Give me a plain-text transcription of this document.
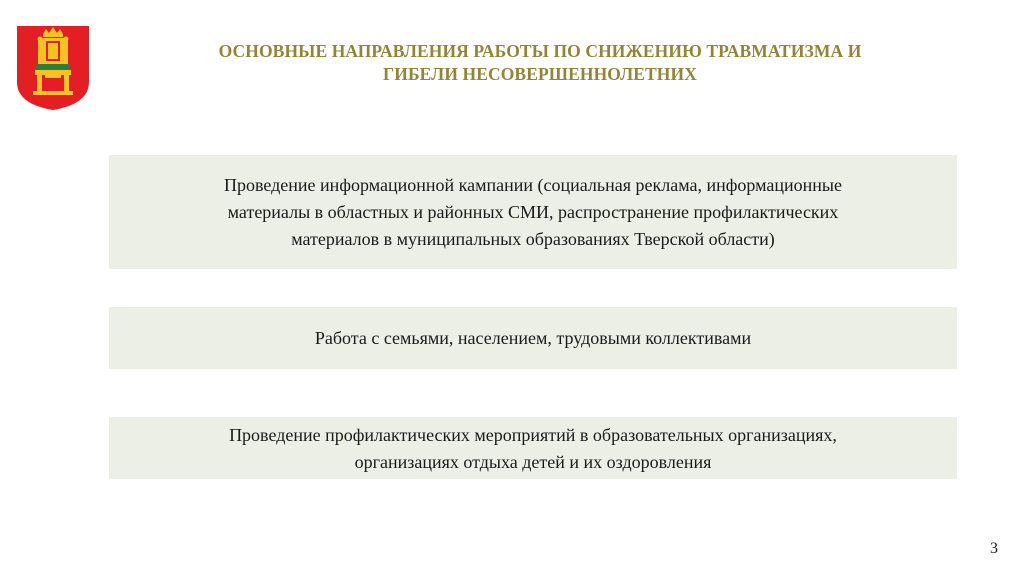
ОСНОВНЫЕ НАПРАВЛЕНИЯ РАБОТЫ ПО СНИЖЕНИЮ ТРАВМАТИЗМА И
ГИБЕЛИ НЕСОВЕРШЕННОЛЕТНИХ
Проведение информационной кампании (социальная реклама, информационные
материалы в областных и районных СМИ, распространение профилактических
материалов в муниципальных образованиях Тверской области)
Работа с семьями, населением, трудовыми коллективами
Проведение профилактических мероприятий в образовательных организациях,
организациях отдыха детей и их оздоровления
3
